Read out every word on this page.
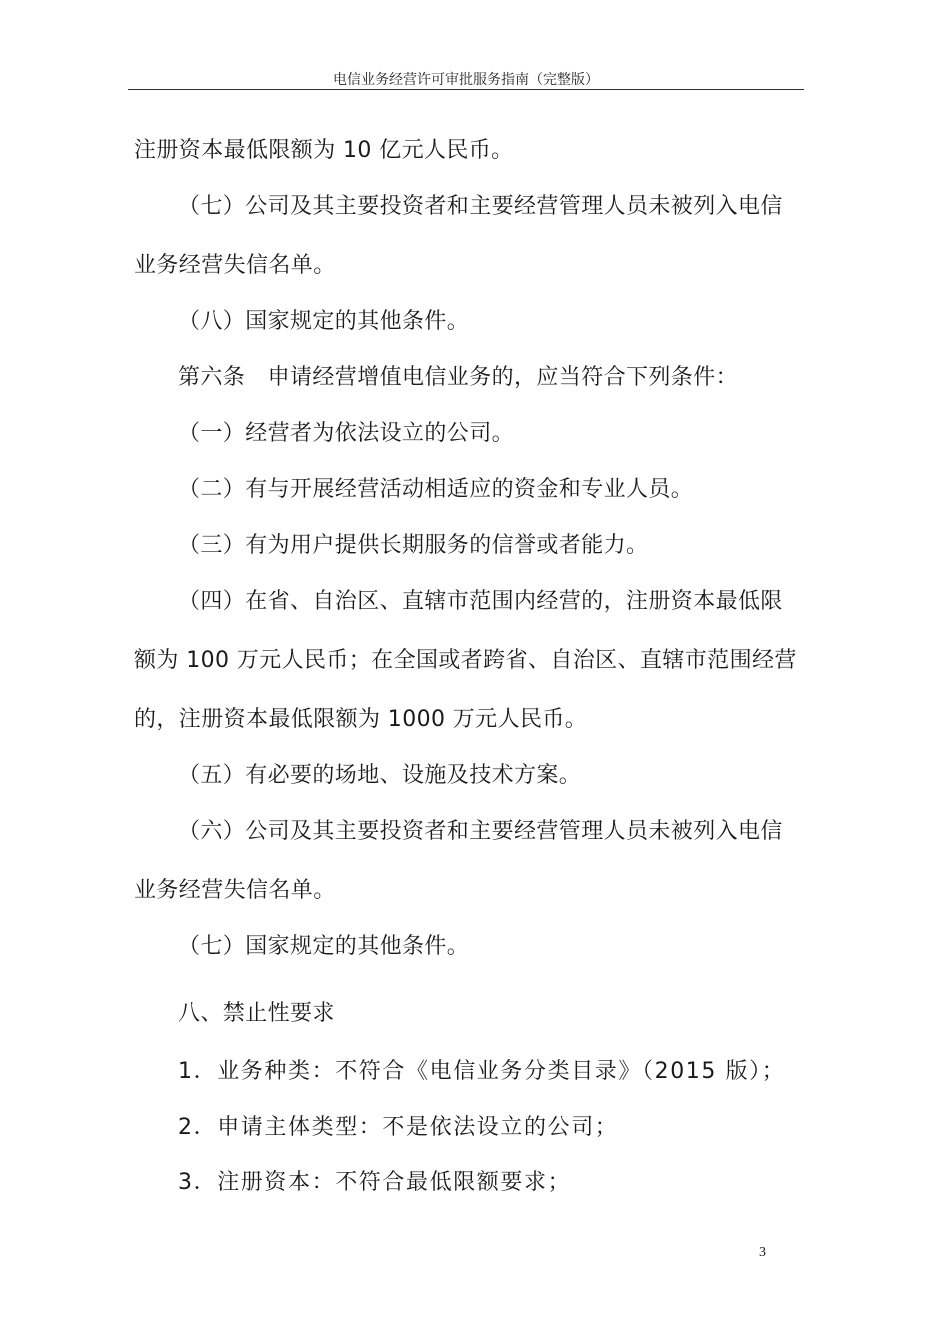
电信业务经营许可审批服务指南（完整版）
注册资本最低限额为 10 亿元人民币。
（七）公司及其主要投资者和主要经营管理人员未被列入电信
业务经营失信名单。
（八）国家规定的其他条件。
第六条　申请经营增值电信业务的，应当符合下列条件：
（一）经营者为依法设立的公司。
（二）有与开展经营活动相适应的资金和专业人员。
（三）有为用户提供长期服务的信誉或者能力。
（四）在省、自治区、直辖市范围内经营的，注册资本最低限
额为 100 万元人民币；在全国或者跨省、自治区、直辖市范围经营
的，注册资本最低限额为 1000 万元人民币。
（五）有必要的场地、设施及技术方案。
（六）公司及其主要投资者和主要经营管理人员未被列入电信
业务经营失信名单。
（七）国家规定的其他条件。
八、禁止性要求
1．业务种类：不符合《电信业务分类目录》（2015 版）；
2．申请主体类型：不是依法设立的公司；
3．注册资本：不符合最低限额要求；
3
